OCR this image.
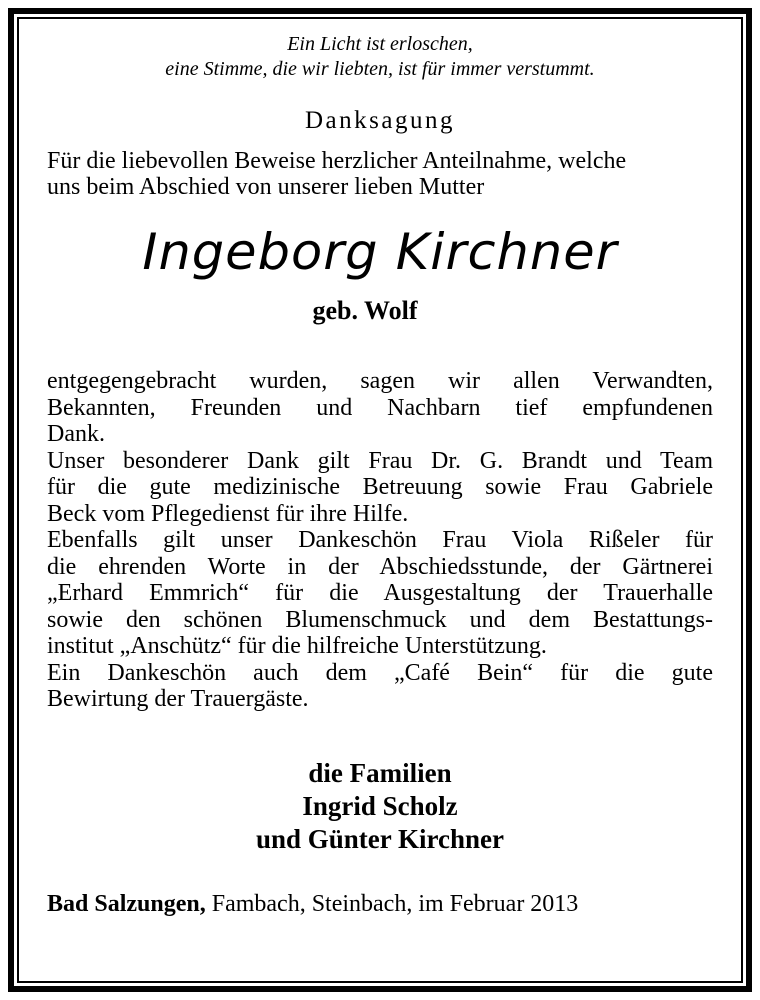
Ein Licht ist erloschen,
eine Stimme, die wir liebten, ist für immer verstummt.
Danksagung
Für die liebevollen Beweise herzlicher Anteilnahme, welche
uns beim Abschied von unserer lieben Mutter
Ingeborg Kirchner
geb. Wolf
entgegengebracht wurden, sagen wir allen Verwandten,
Bekannten, Freunden und Nachbarn tief empfundenen
Dank.
Unser besonderer Dank gilt Frau Dr. G. Brandt und Team
für die gute medizinische Betreuung sowie Frau Gabriele
Beck vom Pflegedienst für ihre Hilfe.
Ebenfalls gilt unser Dankeschön Frau Viola Rißeler für
die ehrenden Worte in der Abschiedsstunde, der Gärtnerei
„Erhard Emmrich“ für die Ausgestaltung der Trauerhalle
sowie den schönen Blumenschmuck und dem Bestattungs-
institut „Anschütz“ für die hilfreiche Unterstützung.
Ein Dankeschön auch dem „Café Bein“ für die gute
Bewirtung der Trauergäste.
die Familien
Ingrid Scholz
und Günter Kirchner
Bad Salzungen, Fambach, Steinbach, im Februar 2013
